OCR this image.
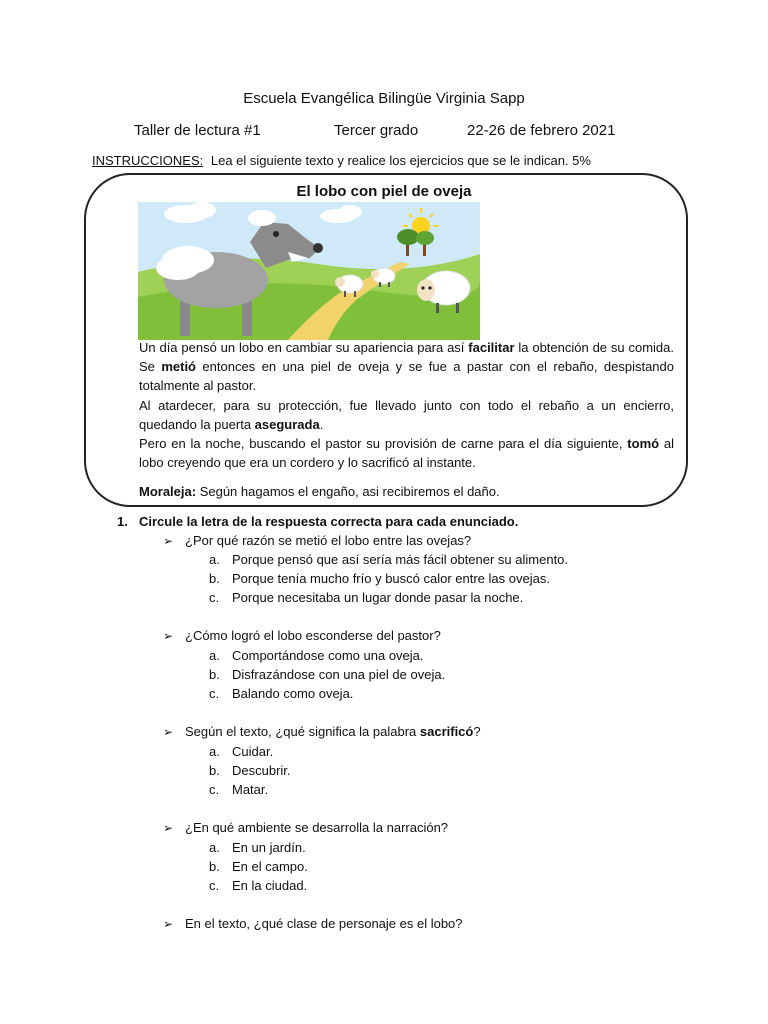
Escuela Evangélica Bilingüe Virginia Sapp
Taller de lectura #1	Tercer grado	22-26 de febrero 2021
INSTRUCCIONES: Lea el siguiente texto y realice los ejercicios que se le indican. 5%
El lobo con piel de oveja

Un día pensó un lobo en cambiar su apariencia para así facilitar la obtención de su comida. Se metió entonces en una piel de oveja y se fue a pastar con el rebaño, despistando totalmente al pastor.

Al atardecer, para su protección, fue llevado junto con todo el rebaño a un encierro, quedando la puerta asegurada.

Pero en la noche, buscando el pastor su provisión de carne para el día siguiente, tomó al lobo creyendo que era un cordero y lo sacrificó al instante.

Moraleja: Según hagamos el engaño, asi recibiremos el daño.
1. Circule la letra de la respuesta correcta para cada enunciado.
➢ ¿Por qué razón se metió el lobo entre las ovejas?
a. Porque pensó que así sería más fácil obtener su alimento.
b. Porque tenía mucho frío y buscó calor entre las ovejas.
c. Porque necesitaba un lugar donde pasar la noche.
➢ ¿Cómo logró el lobo esconderse del pastor?
a. Comportándose como una oveja.
b. Disfrazándose con una piel de oveja.
c. Balando como oveja.
➢ Según el texto, ¿qué significa la palabra sacrificó?
a. Cuidar.
b. Descubrir.
c. Matar.
➢ ¿En qué ambiente se desarrolla la narración?
a. En un jardín.
b. En el campo.
c. En la ciudad.
➢ En el texto, ¿qué clase de personaje es el lobo?
